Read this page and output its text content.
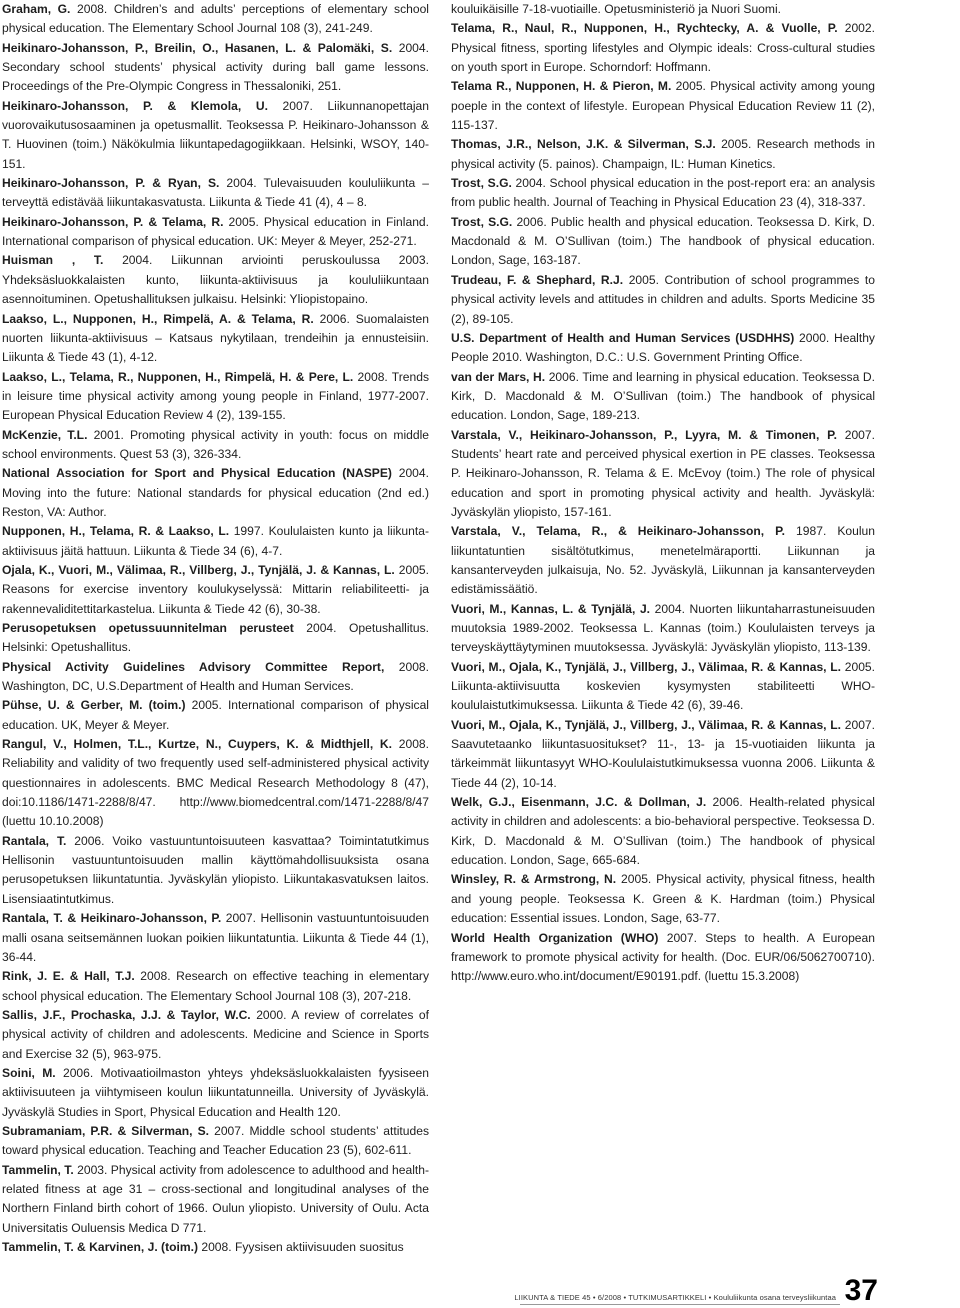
Graham, G. 2008. Children’s and adults’ perceptions of elementary school physical education. The Elementary School Journal 108 (3), 241-249.

Heikinaro-Johansson, P., Breilin, O., Hasanen, L. & Palomäki, S. 2004. Secondary school students’ physical activity during ball game lessons. Proceedings of the Pre-Olympic Congress in Thessaloniki, 251.

Heikinaro-Johansson, P. & Klemola, U. 2007. Liikunnanopettajan vuorovaikutusosaaminen ja opetusmallit. Teoksessa P. Heikinaro-Johansson & T. Huovinen (toim.) Näkökulmia liikuntapedagogiikkaan. Helsinki, WSOY, 140-151.

Heikinaro-Johansson, P. & Ryan, S. 2004. Tulevaisuuden koululiikunta – terveyttä edistävää liikuntakasvatusta. Liikunta & Tiede 41 (4), 4 – 8.

Heikinaro-Johansson, P. & Telama, R. 2005. Physical education in Finland. International comparison of physical education. UK: Meyer & Meyer, 252-271.

Huisman , T. 2004. Liikunnan arviointi peruskoulussa 2003. Yhdeksäsluokkalaisten kunto, liikunta-aktiivisuus ja koululiikuntaan asennoituminen. Opetushallituksen julkaisu. Helsinki: Yliopistopaino.

Laakso, L., Nupponen, H., Rimpelä, A. & Telama, R. 2006. Suomalaisten nuorten liikunta-aktiivisuus – Katsaus nykytilaan, trendeihin ja ennusteisiin. Liikunta & Tiede 43 (1), 4-12.

Laakso, L., Telama, R., Nupponen, H., Rimpelä, H. & Pere, L. 2008. Trends in leisure time physical activity among young people in Finland, 1977-2007. European Physical Education Review 4 (2), 139-155.

McKenzie, T.L. 2001. Promoting physical activity in youth: focus on middle school environments. Quest 53 (3), 326-334.

National Association for Sport and Physical Education (NASPE) 2004. Moving into the future: National standards for physical education (2nd ed.) Reston, VA: Author.

Nupponen, H., Telama, R. & Laakso, L. 1997. Koululaisten kunto ja liikunta-aktiivisuus jäitä hattuun. Liikunta & Tiede 34 (6), 4-7.

Ojala, K., Vuori, M., Välimaa, R., Villberg, J., Tynjälä, J. & Kannas, L. 2005. Reasons for exercise inventory koulukyselyssä: Mittarin reliabiliteetti- ja rakennevaliditettitarkastelua. Liikunta & Tiede 42 (6), 30-38.

Perusopetuksen opetussuunnitelman perusteet 2004. Opetushallitus. Helsinki: Opetushallitus.

Physical Activity Guidelines Advisory Committee Report, 2008. Washington, DC, U.S.Department of Health and Human Services.

Pühse, U. & Gerber, M. (toim.) 2005. International comparison of physical education. UK, Meyer & Meyer.

Rangul, V., Holmen, T.L., Kurtze, N., Cuypers, K. & Midthjell, K. 2008. Reliability and validity of two frequently used self-administered physical activity questionnaires in adolescents. BMC Medical Research Methodology 8 (47), doi:10.1186/1471-2288/8/47. http://www.biomedcentral.com/1471-2288/8/47 (luettu 10.10.2008)

Rantala, T. 2006. Voiko vastuuntuntoisuuteen kasvattaa? Toimintatutkimus Hellisonin vastuuntuntoisuuden mallin käyttömahdollisuuksista osana perusopetuksen liikuntatuntia. Jyväskylän yliopisto. Liikuntakasvatuksen laitos. Lisensiaatintutkimus.

Rantala, T. & Heikinaro-Johansson, P. 2007. Hellisonin vastuuntuntoisuuden malli osana seitsemännen luokan poikien liikuntatuntia. Liikunta & Tiede 44 (1), 36-44.

Rink, J. E. & Hall, T.J. 2008. Research on effective teaching in elementary school physical education. The Elementary School Journal 108 (3), 207-218.

Sallis, J.F., Prochaska, J.J. & Taylor, W.C. 2000. A review of correlates of physical activity of children and adolescents. Medicine and Science in Sports and Exercise 32 (5), 963-975.

Soini, M. 2006. Motivaatioilmaston yhteys yhdeksäsluokkalaisten fyysiseen aktiivisuuteen ja viihtymiseen koulun liikuntatunneilla. University of Jyväskylä. Jyväskylä Studies in Sport, Physical Education and Health 120.

Subramaniam, P.R. & Silverman, S. 2007. Middle school students’ attitudes toward physical education. Teaching and Teacher Education 23 (5), 602-611.

Tammelin, T. 2003. Physical activity from adolescence to adulthood and health-related fitness at age 31 – cross-sectional and longitudinal analyses of the Northern Finland birth cohort of 1966. Oulun yliopisto. University of Oulu. Acta Universitatis Ouluensis Medica D 771.

Tammelin, T. & Karvinen, J. (toim.) 2008. Fyysisen aktiivisuuden suositus

kouluikäisille 7-18-vuotiaille. Opetusministeriö ja Nuori Suomi.

Telama, R., Naul, R., Nupponen, H., Rychtecky, A. & Vuolle, P. 2002. Physical fitness, sporting lifestyles and Olympic ideals: Cross-cultural studies on youth sport in Europe. Schorndorf: Hoffmann.

Telama R., Nupponen, H. & Pieron, M. 2005. Physical activity among young poeple in the context of lifestyle. European Physical Education Review 11 (2), 115-137.

Thomas, J.R., Nelson, J.K. & Silverman, S.J. 2005. Research methods in physical activity (5. painos). Champaign, IL: Human Kinetics.

Trost, S.G. 2004. School physical education in the post-report era: an analysis from public health. Journal of Teaching in Physical Education 23 (4), 318-337.

Trost, S.G. 2006. Public health and physical education. Teoksessa D. Kirk, D. Macdonald & M. O’Sullivan (toim.) The handbook of physical education. London, Sage, 163-187.

Trudeau, F. & Shephard, R.J. 2005. Contribution of school programmes to physical activity levels and attitudes in children and adults. Sports Medicine 35 (2), 89-105.

U.S. Department of Health and Human Services (USDHHS) 2000. Healthy People 2010. Washington, D.C.: U.S. Government Printing Office.

van der Mars, H. 2006. Time and learning in physical education. Teoksessa D. Kirk, D. Macdonald & M. O’Sullivan (toim.) The handbook of physical education. London, Sage, 189-213.

Varstala, V., Heikinaro-Johansson, P., Lyyra, M. & Timonen, P. 2007. Students’ heart rate and perceived physical exertion in PE classes. Teoksessa P. Heikinaro-Johansson, R. Telama & E. McEvoy (toim.) The role of physical education and sport in promoting physical activity and health. Jyväskylä: Jyväskylän yliopisto, 157-161.

Varstala, V., Telama, R., & Heikinaro-Johansson, P. 1987. Koulun liikuntatuntien sisältötutkimus, menetelmäraportti. Liikunnan ja kansanterveyden julkaisuja, No. 52. Jyväskylä, Liikunnan ja kansanterveyden edistämissäätiö.

Vuori, M., Kannas, L. & Tynjälä, J. 2004. Nuorten liikuntaharrastuneisuuden muutoksia 1989-2002. Teoksessa L. Kannas (toim.) Koululaisten terveys ja terveyskäyttäytyminen muutoksessa. Jyväskylä: Jyväskylän yliopisto, 113-139.

Vuori, M., Ojala, K., Tynjälä, J., Villberg, J., Välimaa, R. & Kannas, L. 2005. Liikunta-aktiivisuutta koskevien kysymysten stabiliteetti WHO-koululaistutkimuksessa. Liikunta & Tiede 42 (6), 39-46.

Vuori, M., Ojala, K., Tynjälä, J., Villberg, J., Välimaa, R. & Kannas, L. 2007. Saavutetaanko liikuntasuositukset? 11-, 13- ja 15-vuotiaiden liikunta ja tärkeimmät liikuntasyyt WHO-Koululaistutkimuksessa vuonna 2006. Liikunta & Tiede 44 (2), 10-14.

Welk, G.J., Eisenmann, J.C. & Dollman, J. 2006. Health-related physical activity in children and adolescents: a bio-behavioral perspective. Teoksessa D. Kirk, D. Macdonald & M. O’Sullivan (toim.) The handbook of physical education. London, Sage, 665-684.

Winsley, R. & Armstrong, N. 2005. Physical activity, physical fitness, health and young people. Teoksessa K. Green & K. Hardman (toim.) Physical education: Essential issues. London, Sage, 63-77.

World Health Organization (WHO) 2007. Steps to health. A European framework to promote physical activity for health. (Doc. EUR/06/5062700710). http://www.euro.who.int/document/E90191.pdf. (luettu 15.3.2008)

LIIKUNTA & TIEDE 45 • 6/2008 • TUTKIMUSARTIKKELI • Koululiikunta osana terveysliikuntaa 37
